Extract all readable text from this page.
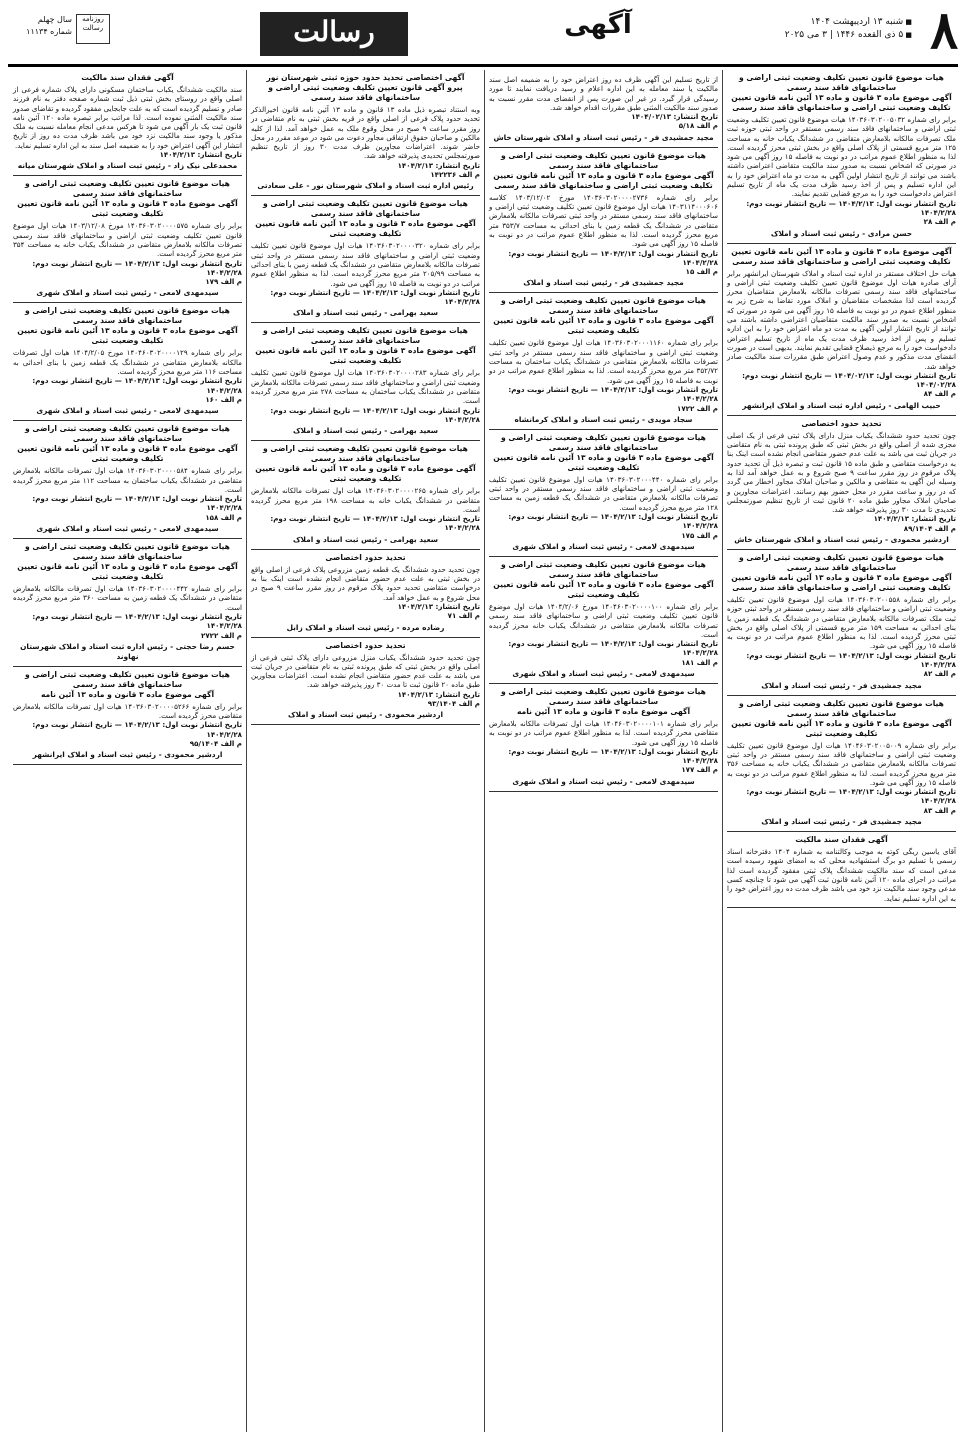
۸
■ شنبه ۱۳ اردیبهشت ۱۴۰۴
■ ۵ ذی القعده ۱۴۴۶ | ۳ می ۲۰۲۵
آگهی
رسالت
روزنامه رسالت
سال چهلم
شماره ۱۱۱۳۴
هیات موضوع قانون تعیین تکلیف وضعیت ثبتی اراضی و ساختمانهای فاقد سند رسمی
آگهی موضوع ماده ۳ قانون و ماده ۱۳ آئین نامه قانون تعیین تکلیف وضعیت ثبتی اراضی و ساختمانهای فاقد سند رسمی
برابر رای شماره ۱۴۰۳۶۰۳۰۲۰۰۵۰۳۲ هیات موضوع قانون تعیین تکلیف وضعیت ثبتی اراضی و ساختمانهای فاقد سند رسمی مستقر در واحد ثبتی حوزه ثبت ملک تصرفات مالکانه بلامعارض متقاضی در ششدانگ یکباب خانه به مساحت ۱۲۵ متر مربع قسمتی از پلاک اصلی واقع در بخش ثبتی محرز گردیده است. لذا به منظور اطلاع عموم مراتب در دو نوبت به فاصله ۱۵ روز آگهی می شود در صورتی که اشخاص نسبت به صدور سند مالکیت متقاضی اعتراضی داشته باشند می توانند از تاریخ انتشار اولین آگهی به مدت دو ماه اعتراض خود را به این اداره تسلیم و پس از اخذ رسید ظرف مدت یک ماه از تاریخ تسلیم اعتراض دادخواست خود را به مرجع قضایی تقدیم نمایند.
تاریخ انتشار نوبت اول: ۱۴۰۴/۲/۱۳ — تاریخ انتشار نوبت دوم: ۱۴۰۴/۲/۲۸
م الف ۲۸
حسن مرادی - رئیس ثبت اسناد و املاک
آگهی موضوع ماده ۳ قانون و ماده ۱۳ آئین نامه قانون تعیین تکلیف وضعیت ثبتی اراضی و ساختمانهای فاقد سند رسمی
هیات حل اختلاف مستقر در اداره ثبت اسناد و املاک شهرستان ایرانشهر برابر آرای صادره هیات اول موضوع قانون تعیین تکلیف وضعیت ثبتی اراضی و ساختمانهای فاقد سند رسمی تصرفات مالکانه بلامعارض متقاضیان محرز گردیده است لذا مشخصات متقاضیان و املاک مورد تقاضا به شرح زیر به منظور اطلاع عموم در دو نوبت به فاصله ۱۵ روز آگهی می شود در صورتی که اشخاص نسبت به صدور سند مالکیت متقاضیان اعتراضی داشته باشند می توانند از تاریخ انتشار اولین آگهی به مدت دو ماه اعتراض خود را به این اداره تسلیم و پس از اخذ رسید ظرف مدت یک ماه از تاریخ تسلیم اعتراض دادخواست خود را به مرجع ذیصلاح قضایی تقدیم نمایند. بدیهی است در صورت انقضای مدت مذکور و عدم وصول اعتراض طبق مقررات سند مالکیت صادر خواهد شد.
تاریخ انتشار نوبت اول: ۱۴۰۴/۰۲/۱۳ — تاریخ انتشار نوبت دوم: ۱۴۰۴/۰۲/۲۸
م الف ۸۴
حبیب الهامی - رئیس اداره ثبت اسناد و املاک ایرانشهر
تحدید حدود اختصاصی
چون تحدید حدود ششدانگ یکباب منزل دارای پلاک ثبتی فرعی از یک اصلی مجزی شده از اصلی واقع در بخش ثبتی که طبق پرونده ثبتی به نام متقاضی در جریان ثبت می باشد به علت عدم حضور متقاضی انجام نشده است اینک بنا به درخواست متقاضی و طبق ماده ۱۵ قانون ثبت و تبصره ذیل آن تحدید حدود پلاک مرقوم در روز مقرر ساعت ۹ صبح شروع و به عمل خواهد آمد لذا به وسیله این آگهی به متقاضی و مالکین و صاحبان املاک مجاور اخطار می گردد که در روز و ساعت مقرر در محل حضور بهم رسانند. اعتراضات مجاورین و صاحبان املاک مجاور طبق ماده ۲۰ قانون ثبت از تاریخ تنظیم صورتمجلس تحدیدی تا مدت ۳۰ روز پذیرفته خواهد شد.
تاریخ انتشار: ۱۴۰۴/۲/۱۳
م الف ۸۹/۱۴۰۴
اردشیر محمودی - رئیس ثبت اسناد و املاک شهرستان خاش
هیات موضوع قانون تعیین تکلیف وضعیت ثبتی اراضی و ساختمانهای فاقد سند رسمی
آگهی موضوع ماده ۳ قانون و ماده ۱۳ آئین نامه قانون تعیین تکلیف وضعیت ثبتی اراضی و ساختمانهای فاقد سند رسمی
برابر رای شماره ۱۴۰۳۶۰۳۰۲۰۰۵۵۸ هیات اول موضوع قانون تعیین تکلیف وضعیت ثبتی اراضی و ساختمانهای فاقد سند رسمی مستقر در واحد ثبتی حوزه ثبت ملک تصرفات مالکانه بلامعارض متقاضی در ششدانگ یک قطعه زمین با بنای احداثی به مساحت ۱۵۹ متر مربع قسمتی از پلاک اصلی واقع در بخش ثبتی محرز گردیده است. لذا به منظور اطلاع عموم مراتب در دو نوبت به فاصله ۱۵ روز آگهی می شود.
تاریخ انتشار نوبت اول: ۱۴۰۴/۲/۱۳ — تاریخ انتشار نوبت دوم: ۱۴۰۴/۲/۲۸
م الف ۸۲
مجید جمشیدی فر - رئیس ثبت اسناد و املاک
هیات موضوع قانون تعیین تکلیف وضعیت ثبتی اراضی و ساختمانهای فاقد سند رسمی
آگهی موضوع ماده ۳ قانون و ماده ۱۳ آئین نامه قانون تعیین تکلیف وضعیت ثبتی
برابر رای شماره ۱۴۰۴۶۰۳۰۲۰۰۵۰۰۹ هیات اول موضوع قانون تعیین تکلیف وضعیت ثبتی اراضی و ساختمانهای فاقد سند رسمی مستقر در واحد ثبتی تصرفات مالکانه بلامعارض متقاضی در ششدانگ یکباب خانه به مساحت ۳۵۶ متر مربع محرز گردیده است. لذا به منظور اطلاع عموم مراتب در دو نوبت به فاصله ۱۵ روز آگهی می شود.
تاریخ انتشار نوبت اول: ۱۴۰۴/۲/۱۳ — تاریخ انتشار نوبت دوم: ۱۴۰۴/۲/۲۸
م الف ۸۳
مجید جمشیدی فر - رئیس ثبت اسناد و املاک
آگهی فقدان سند مالکیت
آقای یاسین ریگی کوته به موجب وکالتنامه به شماره ۱۴۰۴ دفترخانه اسناد رسمی با تسلیم دو برگ استشهادیه محلی که به امضای شهود رسیده است مدعی است که سند مالکیت ششدانگ پلاک ثبتی مفقود گردیده است لذا مراتب در اجرای ماده ۱۲۰ آئین نامه قانون ثبت آگهی می شود تا چنانچه کسی مدعی وجود سند مالکیت نزد خود می باشد ظرف مدت ده روز اعتراض خود را به این اداره تسلیم نماید.
از تاریخ تسلیم این آگهی ظرف ده روز اعتراض خود را به ضمیمه اصل سند مالکیت یا سند معامله به این اداره اعلام و رسید دریافت نمایند تا مورد رسیدگی قرار گیرد. در غیر این صورت پس از انقضای مدت مقرر نسبت به صدور سند مالکیت المثنی طبق مقررات اقدام خواهد شد.
تاریخ انتشار: ۱۴۰۴/۰۲/۱۳
م الف ۵/۱۸
مجید جمشیدی فر - رئیس ثبت اسناد و املاک شهرستان خاش
هیات موضوع قانون تعیین تکلیف وضعیت ثبتی اراضی و ساختمانهای فاقد سند رسمی
آگهی موضوع ماده ۳ قانون و ماده ۱۳ آئین نامه قانون تعیین تکلیف وضعیت ثبتی اراضی و ساختمانهای فاقد سند رسمی
برابر رای شماره ۱۴۰۳۶۰۳۰۲۰۰۰۰۲۷۳۶ مورخ ۱۴۰۳/۱۲/۰۲ کلاسه ۱۴۰۳۱۱۴۰۰۰۶۰۶ هیات اول موضوع قانون تعیین تکلیف وضعیت ثبتی اراضی و ساختمانهای فاقد سند رسمی مستقر در واحد ثبتی تصرفات مالکانه بلامعارض متقاضی در ششدانگ یک قطعه زمین با بنای احداثی به مساحت ۳۵۳/۷ متر مربع محرز گردیده است. لذا به منظور اطلاع عموم مراتب در دو نوبت به فاصله ۱۵ روز آگهی می شود.
تاریخ انتشار نوبت اول: ۱۴۰۴/۲/۱۳ — تاریخ انتشار نوبت دوم: ۱۴۰۴/۲/۲۸
م الف ۱۵
مجید جمشیدی فر - رئیس ثبت اسناد و املاک
هیات موضوع قانون تعیین تکلیف وضعیت ثبتی اراضی و ساختمانهای فاقد سند رسمی
آگهی موضوع ماده ۳ قانون و ماده ۱۳ آئین نامه قانون تعیین تکلیف وضعیت ثبتی
برابر رای شماره ۱۴۰۳۶۰۳۰۲۰۰۰۱۱۶۰ هیات اول موضوع قانون تعیین تکلیف وضعیت ثبتی اراضی و ساختمانهای فاقد سند رسمی مستقر در واحد ثبتی تصرفات مالکانه بلامعارض متقاضی در ششدانگ یکباب ساختمان به مساحت ۳۵۲/۷۲ متر مربع محرز گردیده است. لذا به منظور اطلاع عموم مراتب در دو نوبت به فاصله ۱۵ روز آگهی می شود.
تاریخ انتشار نوبت اول: ۱۴۰۴/۲/۱۳ — تاریخ انتشار نوبت دوم: ۱۴۰۴/۲/۲۸
م الف ۱۷۲۲
سجاد مویدی - رئیس ثبت اسناد و املاک کرمانشاه
هیات موضوع قانون تعیین تکلیف وضعیت ثبتی اراضی و ساختمانهای فاقد سند رسمی
آگهی موضوع ماده ۳ قانون و ماده ۱۳ آئین نامه قانون تعیین تکلیف وضعیت ثبتی
برابر رای شماره ۱۴۰۳۶۰۳۰۲۰۰۰۴۴۰ هیات اول موضوع قانون تعیین تکلیف وضعیت ثبتی اراضی و ساختمانهای فاقد سند رسمی مستقر در واحد ثبتی تصرفات مالکانه بلامعارض متقاضی در ششدانگ یک قطعه زمین به مساحت ۱۲۸ متر مربع محرز گردیده است.
تاریخ انتشار نوبت اول: ۱۴۰۴/۲/۱۳ — تاریخ انتشار نوبت دوم: ۱۴۰۴/۲/۲۸
م الف ۱۷۵
سیدمهدی لامعی - رئیس ثبت اسناد و املاک شهری
هیات موضوع قانون تعیین تکلیف وضعیت ثبتی اراضی و ساختمانهای فاقد سند رسمی
آگهی موضوع ماده ۳ قانون و ماده ۱۳ آئین نامه قانون تعیین تکلیف وضعیت ثبتی
برابر رای شماره ۱۴۰۴۶۰۳۰۲۰۰۰۰۱۰۰ مورخ ۱۴۰۴/۲/۰۶ هیات اول موضوع قانون تعیین تکلیف وضعیت ثبتی اراضی و ساختمانهای فاقد سند رسمی تصرفات مالکانه بلامعارض متقاضی در ششدانگ یکباب خانه محرز گردیده است.
تاریخ انتشار نوبت اول: ۱۴۰۴/۲/۱۳ — تاریخ انتشار نوبت دوم: ۱۴۰۴/۲/۲۸
م الف ۱۸۱
سیدمهدی لامعی - رئیس ثبت اسناد و املاک شهری
هیات موضوع قانون تعیین تکلیف وضعیت ثبتی اراضی و ساختمانهای فاقد سند رسمی
آگهی موضوع ماده ۳ قانون و ماده ۱۳ آئین نامه
برابر رای شماره ۱۴۰۴۶۰۳۰۲۰۰۰۰۱۰۱ هیات اول تصرفات مالکانه بلامعارض متقاضی محرز گردیده است. لذا به منظور اطلاع عموم مراتب در دو نوبت به فاصله ۱۵ روز آگهی می شود.
تاریخ انتشار نوبت اول: ۱۴۰۴/۲/۱۳ — تاریخ انتشار نوبت دوم: ۱۴۰۴/۲/۲۸
م الف ۱۷۷
سیدمهدی لامعی - رئیس ثبت اسناد و املاک شهری
آگهی اختصاصی تحدید حدود حوزه ثبتی شهرستان نور
پیرو آگهی قانون تعیین تکلیف وضعیت ثبتی اراضی و ساختمانهای فاقد سند رسمی
وبه استناد تبصره ذیل ماده ۱۳ قانون و ماده ۱۳ آئین نامه قانون اخیرالذکر تحدید حدود پلاک فرعی از اصلی واقع در قریه بخش ثبتی به نام متقاضی در روز مقرر ساعت ۹ صبح در محل وقوع ملک به عمل خواهد آمد. لذا از کلیه مالکین و صاحبان حقوق ارتفاقی مجاور دعوت می شود در موعد مقرر در محل حاضر شوند. اعتراضات مجاورین ظرف مدت ۳۰ روز از تاریخ تنظیم صورتمجلس تحدیدی پذیرفته خواهد شد.
تاریخ انتشار: ۱۴۰۴/۲/۱۳
م الف ۱۴۲۲۳۶
رئیس اداره ثبت اسناد و املاک شهرستان نور - علی سعادتی
هیات موضوع قانون تعیین تکلیف وضعیت ثبتی اراضی و ساختمانهای فاقد سند رسمی
آگهی موضوع ماده ۳ قانون و ماده ۱۳ آئین نامه قانون تعیین تکلیف وضعیت ثبتی
برابر رای شماره ۱۴۰۳۶۰۳۰۲۰۰۰۰۳۲۰ هیات اول موضوع قانون تعیین تکلیف وضعیت ثبتی اراضی و ساختمانهای فاقد سند رسمی مستقر در واحد ثبتی تصرفات مالکانه بلامعارض متقاضی در ششدانگ یک قطعه زمین با بنای احداثی به مساحت ۲۰۵/۹۹ متر مربع محرز گردیده است. لذا به منظور اطلاع عموم مراتب در دو نوبت به فاصله ۱۵ روز آگهی می شود.
تاریخ انتشار نوبت اول: ۱۴۰۴/۲/۱۳ — تاریخ انتشار نوبت دوم: ۱۴۰۴/۲/۲۸
سعید بهرامی - رئیس ثبت اسناد و املاک
هیات موضوع قانون تعیین تکلیف وضعیت ثبتی اراضی و ساختمانهای فاقد سند رسمی
آگهی موضوع ماده ۳ قانون و ماده ۱۳ آئین نامه قانون تعیین تکلیف وضعیت ثبتی
برابر رای شماره ۱۴۰۳۶۰۳۰۲۰۰۰۰۲۸۳ هیات اول موضوع قانون تعیین تکلیف وضعیت ثبتی اراضی و ساختمانهای فاقد سند رسمی تصرفات مالکانه بلامعارض متقاضی در ششدانگ یکباب ساختمان به مساحت ۲۷۸ متر مربع محرز گردیده است.
تاریخ انتشار نوبت اول: ۱۴۰۴/۲/۱۳ — تاریخ انتشار نوبت دوم: ۱۴۰۴/۲/۲۸
سعید بهرامی - رئیس ثبت اسناد و املاک
هیات موضوع قانون تعیین تکلیف وضعیت ثبتی اراضی و ساختمانهای فاقد سند رسمی
آگهی موضوع ماده ۳ قانون و ماده ۱۳ آئین نامه قانون تعیین تکلیف وضعیت ثبتی
برابر رای شماره ۱۴۰۴۶۰۳۰۲۰۰۰۰۲۶۵ هیات اول تصرفات مالکانه بلامعارض متقاضی در ششدانگ یکباب خانه به مساحت ۱۹۸ متر مربع محرز گردیده است.
تاریخ انتشار نوبت اول: ۱۴۰۴/۲/۱۳ — تاریخ انتشار نوبت دوم: ۱۴۰۴/۲/۲۸
سعید بهرامی - رئیس ثبت اسناد و املاک
تحدید حدود اختصاصی
چون تحدید حدود ششدانگ یک قطعه زمین مزروعی پلاک فرعی از اصلی واقع در بخش ثبتی به علت عدم حضور متقاضی انجام نشده است اینک بنا به درخواست متقاضی تحدید حدود پلاک مرقوم در روز مقرر ساعت ۹ صبح در محل شروع و به عمل خواهد آمد.
تاریخ انتشار: ۱۴۰۴/۲/۱۳
م الف ۷۱
رضاده مرده - رئیس ثبت اسناد و املاک زابل
تحدید حدود اختصاصی
چون تحدید حدود ششدانگ یکباب منزل مزروعی دارای پلاک ثبتی فرعی از اصلی واقع در بخش ثبتی که طبق پرونده ثبتی به نام متقاضی در جریان ثبت می باشد به علت عدم حضور متقاضی انجام نشده است. اعتراضات مجاورین طبق ماده ۲۰ قانون ثبت تا مدت ۳۰ روز پذیرفته خواهد شد.
تاریخ انتشار: ۱۴۰۴/۲/۱۳
م الف ۹۳/۱۴۰۴
اردشیر محمودی - رئیس ثبت اسناد و املاک
آگهی فقدان سند مالکیت
سند مالکیت ششدانگ یکباب ساختمان مسکونی دارای پلاک شماره فرعی از اصلی واقع در روستای بخش ثبتی ذیل ثبت شماره صفحه دفتر به نام فرزند صادر و تسلیم گردیده است که به علت جابجایی مفقود گردیده و تقاضای صدور سند مالکیت المثنی نموده است. لذا مراتب برابر تبصره ماده ۱۲۰ آئین نامه قانون ثبت یک بار آگهی می شود تا هرکس مدعی انجام معامله نسبت به ملک مذکور یا وجود سند مالکیت نزد خود می باشد ظرف مدت ده روز از تاریخ انتشار این آگهی اعتراض خود را به ضمیمه اصل سند به این اداره تسلیم نماید.
تاریخ انتشار: ۱۴۰۴/۲/۱۳
محمدعلی نیک زاد - رئیس ثبت اسناد و املاک شهرستان میانه
هیات موضوع قانون تعیین تکلیف وضعیت ثبتی اراضی و ساختمانهای فاقد سند رسمی
آگهی موضوع ماده ۳ قانون و ماده ۱۳ آئین نامه قانون تعیین تکلیف وضعیت ثبتی
برابر رای شماره ۱۴۰۳۶۰۳۰۲۰۰۰۰۵۷۵ مورخ ۱۴۰۳/۱۲/۰۸ هیات اول موضوع قانون تعیین تکلیف وضعیت ثبتی اراضی و ساختمانهای فاقد سند رسمی تصرفات مالکانه بلامعارض متقاضی در ششدانگ یکباب خانه به مساحت ۳۵۴ متر مربع محرز گردیده است.
تاریخ انتشار نوبت اول: ۱۴۰۴/۲/۱۳ — تاریخ انتشار نوبت دوم: ۱۴۰۴/۲/۲۸
م الف ۱۷۹
سیدمهدی لامعی - رئیس ثبت اسناد و املاک شهری
هیات موضوع قانون تعیین تکلیف وضعیت ثبتی اراضی و ساختمانهای فاقد سند رسمی
آگهی موضوع ماده ۳ قانون و ماده ۱۳ آئین نامه قانون تعیین تکلیف وضعیت ثبتی
برابر رای شماره ۱۴۰۴۶۰۳۰۲۰۰۰۰۱۲۹ مورخ ۱۴۰۴/۲/۰۵ هیات اول تصرفات مالکانه بلامعارض متقاضی در ششدانگ یک قطعه زمین با بنای احداثی به مساحت ۱۱۶ متر مربع محرز گردیده است.
تاریخ انتشار نوبت اول: ۱۴۰۴/۲/۱۳ — تاریخ انتشار نوبت دوم: ۱۴۰۴/۲/۲۸
م الف ۱۶۰
سیدمهدی لامعی - رئیس ثبت اسناد و املاک شهری
هیات موضوع قانون تعیین تکلیف وضعیت ثبتی اراضی و ساختمانهای فاقد سند رسمی
آگهی موضوع ماده ۳ قانون و ماده ۱۳ آئین نامه قانون تعیین تکلیف وضعیت ثبتی
برابر رای شماره ۱۴۰۳۶۰۳۰۲۰۰۰۰۵۸۴ هیات اول تصرفات مالکانه بلامعارض متقاضی در ششدانگ یکباب ساختمان به مساحت ۱۱۲ متر مربع محرز گردیده است.
تاریخ انتشار نوبت اول: ۱۴۰۴/۲/۱۳ — تاریخ انتشار نوبت دوم: ۱۴۰۴/۲/۲۸
م الف ۱۵۸
سیدمهدی لامعی - رئیس ثبت اسناد و املاک شهری
هیات موضوع قانون تعیین تکلیف وضعیت ثبتی اراضی و ساختمانهای فاقد سند رسمی
آگهی موضوع ماده ۳ قانون و ماده ۱۳ آئین نامه قانون تعیین تکلیف وضعیت ثبتی
برابر رای شماره ۱۴۰۳۶۰۳۰۲۰۰۰۰۴۴۲ هیات اول تصرفات مالکانه بلامعارض متقاضی در ششدانگ یک قطعه زمین به مساحت ۳۶۰ متر مربع محرز گردیده است.
تاریخ انتشار نوبت اول: ۱۴۰۴/۲/۱۳ — تاریخ انتشار نوبت دوم: ۱۴۰۴/۲/۲۸
م الف ۲۷۲۲
حسم رضا حجتی - رئیس اداره ثبت اسناد و املاک شهرستان نهاوند
هیات موضوع قانون تعیین تکلیف وضعیت ثبتی اراضی و ساختمانهای فاقد سند رسمی
آگهی موضوع ماده ۳ قانون و ماده ۱۳ آئین نامه
برابر رای شماره ۱۴۰۳۶۰۳۰۲۰۰۰۰۵۲۶۶ هیات اول تصرفات مالکانه بلامعارض متقاضی محرز گردیده است.
تاریخ انتشار نوبت اول: ۱۴۰۴/۲/۱۳ — تاریخ انتشار نوبت دوم: ۱۴۰۴/۲/۲۸
م الف ۹۵/۱۴۰۴
اردشیر محمودی - رئیس ثبت اسناد و املاک ایرانشهر
